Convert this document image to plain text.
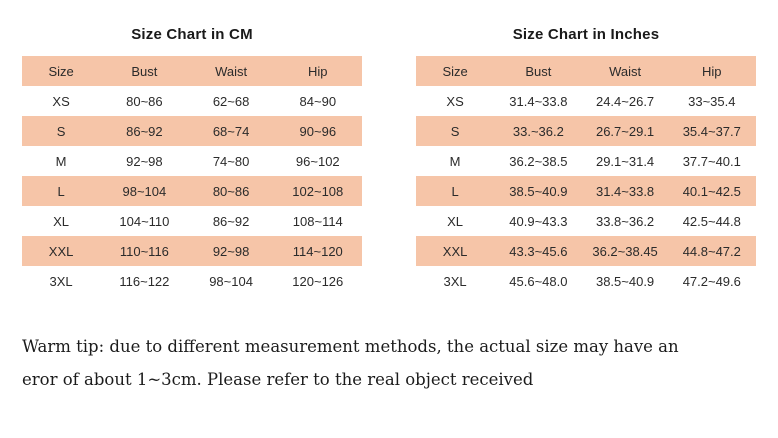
Size Chart in CM
Size	Bust	Waist	Hip
XS	80~86	62~68	84~90
S	86~92	68~74	90~96
M	92~98	74~80	96~102
L	98~104	80~86	102~108
XL	104~110	86~92	108~114
XXL	110~116	92~98	114~120
3XL	116~122	98~104	120~126
Size Chart in Inches
Size	Bust	Waist	Hip
XS	31.4~33.8	24.4~26.7	33~35.4
S	33.~36.2	26.7~29.1	35.4~37.7
M	36.2~38.5	29.1~31.4	37.7~40.1
L	38.5~40.9	31.4~33.8	40.1~42.5
XL	40.9~43.3	33.8~36.2	42.5~44.8
XXL	43.3~45.6	36.2~38.45	44.8~47.2
3XL	45.6~48.0	38.5~40.9	47.2~49.6
Warm tip: due to different measurement methods, the actual size may have an
eror of about 1~3cm. Please refer to the real object received
